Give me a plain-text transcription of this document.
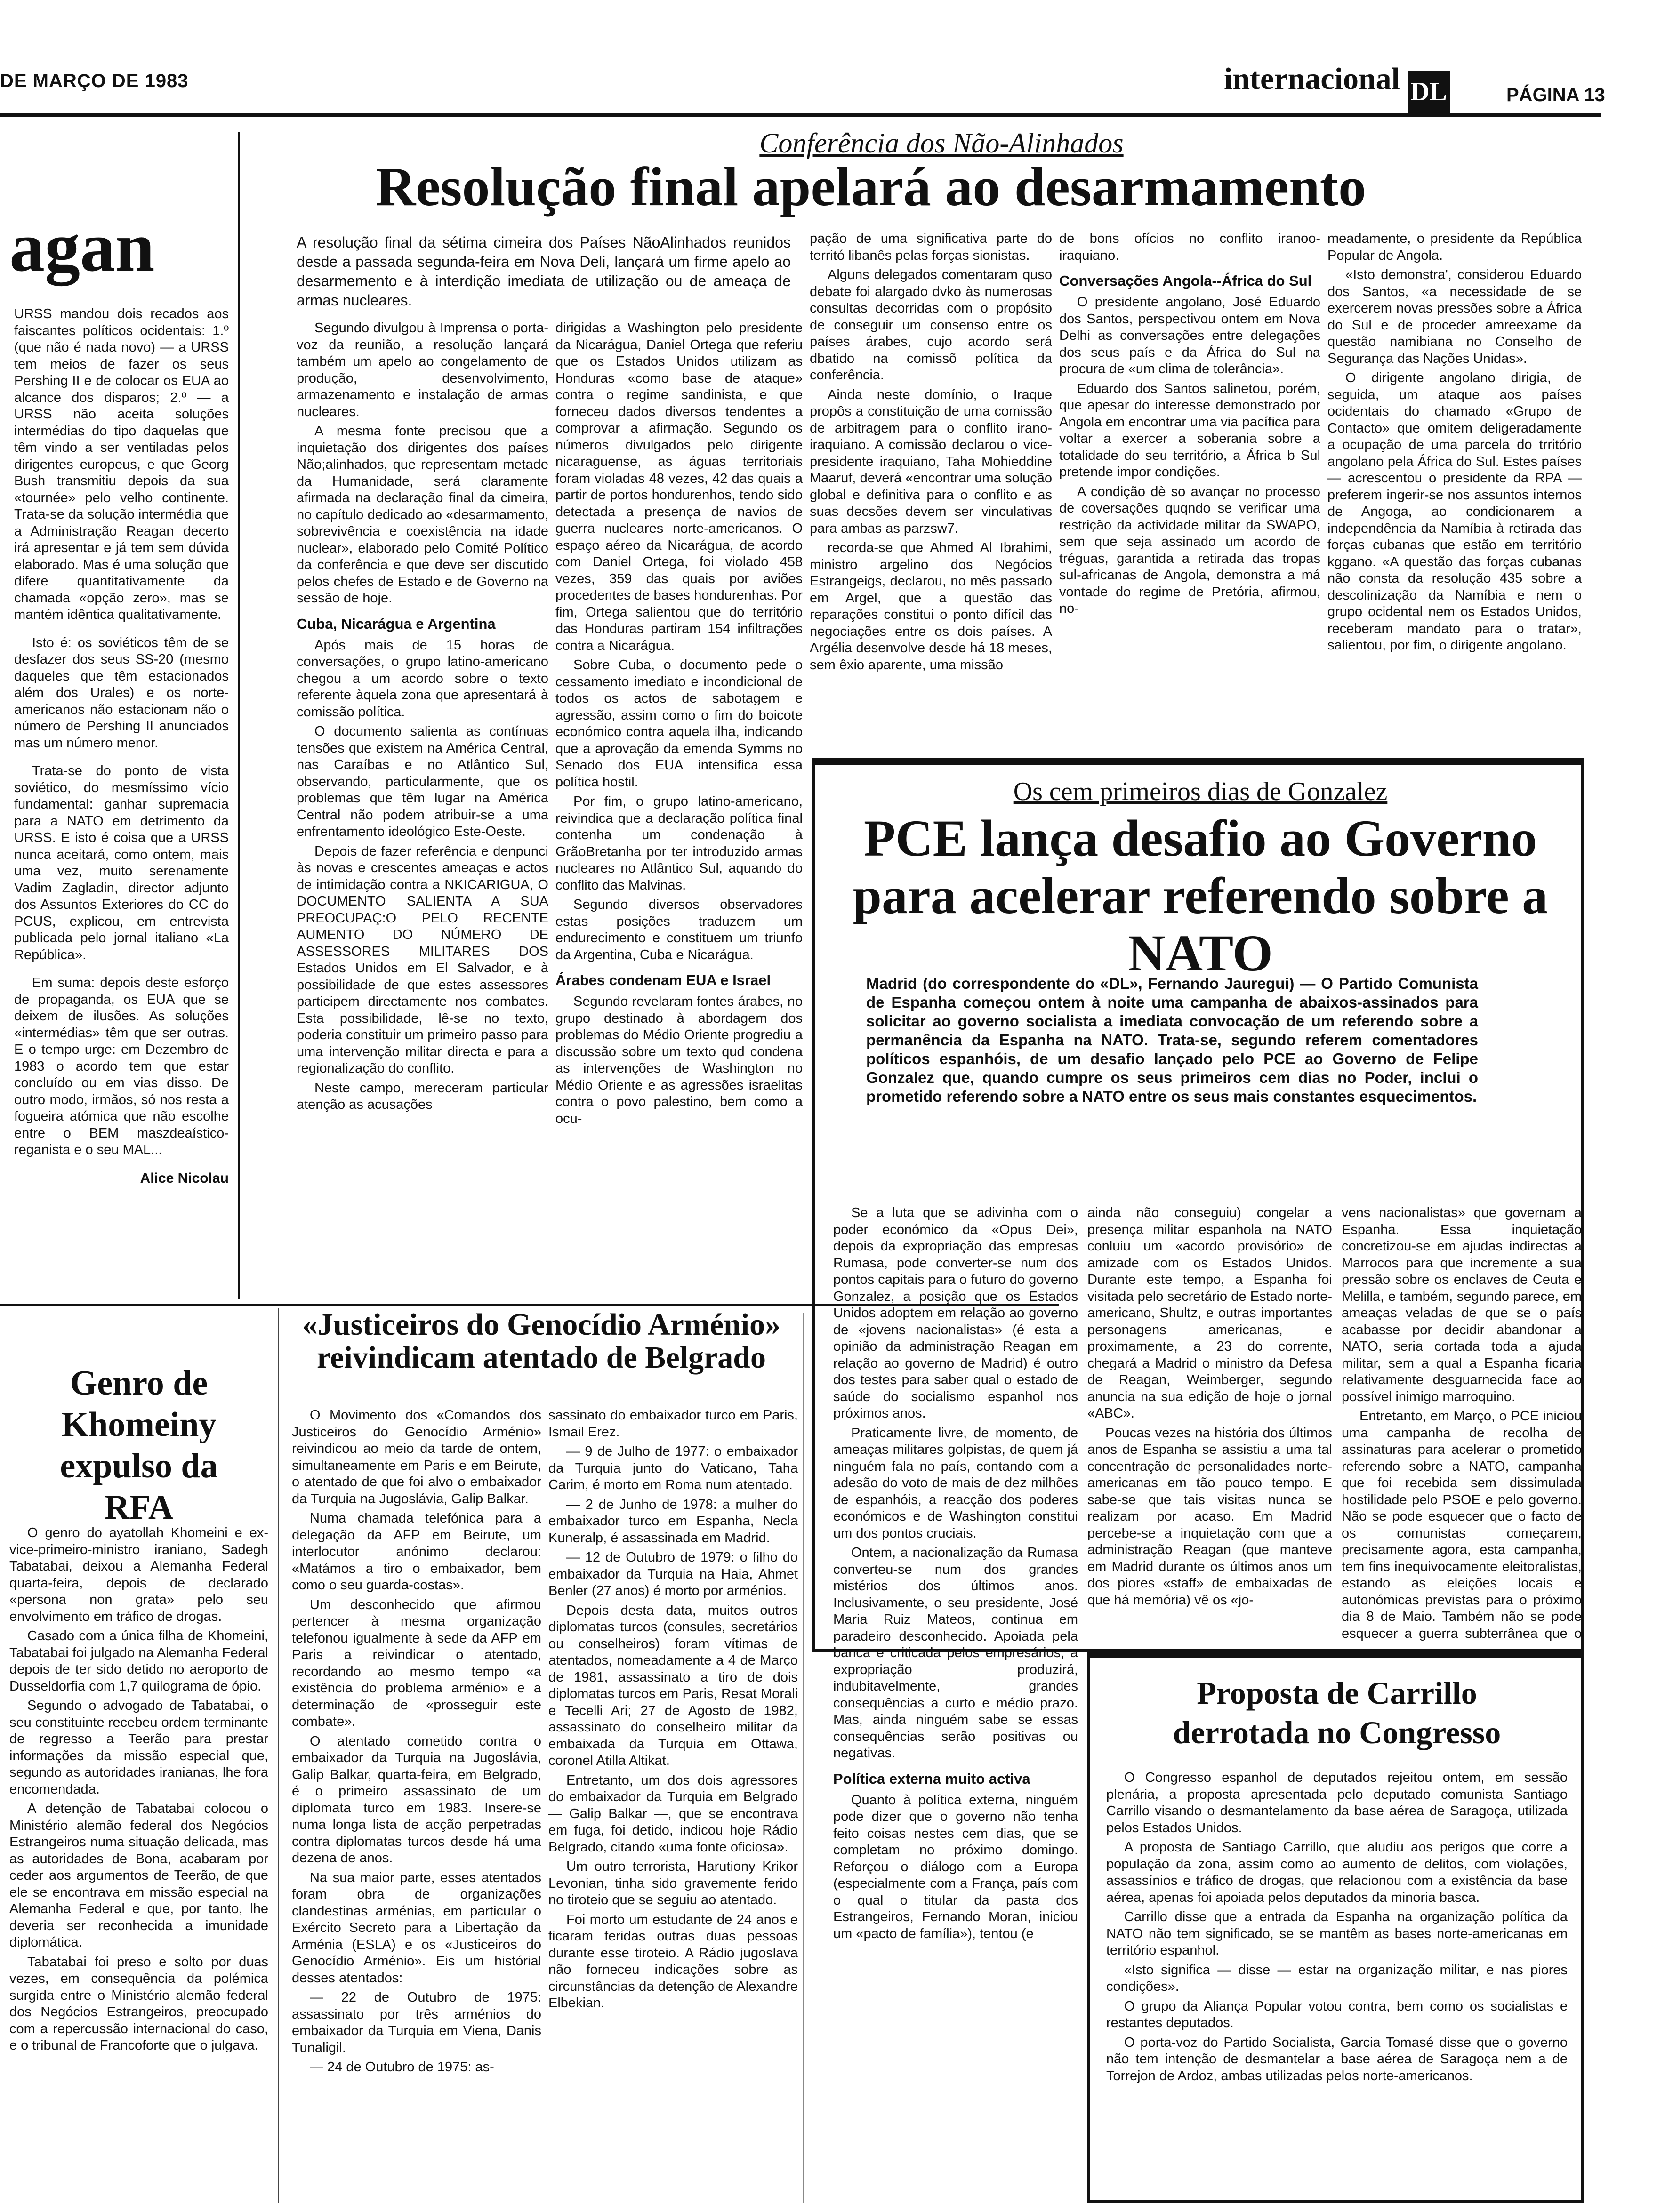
DE MARÇO DE 1983	internacional DL	PÁGINA 13
agan

URSS mandou dois recados aos faiscantes políticos ocidentais: 1.º (que não é nada novo) — a URSS tem meios de fazer os seus Pershing II e de colocar os EUA ao alcance dos disparos; 2.º — a URSS não aceita soluções intermédias do tipo daquelas que têm vindo a ser ventiladas pelos dirigentes europeus, e que Georg Bush transmitiu depois da sua «tournée» pelo velho continente. Trata-se da solução intermédia que a Administração Reagan decerto irá apresentar e já tem sem dúvida elaborado. Mas é uma solução que difere quantitativamente da chamada «opção zero», mas se mantém idêntica qualitativamente.

Isto é: os soviéticos têm de se desfazer dos seus SS-20 (mesmo daqueles que têm estacionados além dos Urales) e os norte-americanos não estacionam não o número de Pershing II anunciados mas um número menor.

Trata-se do ponto de vista soviético, do mesmíssimo vício fundamental: ganhar supremacia para a NATO em detrimento da URSS. E isto é coisa que a URSS nunca aceitará, como ontem, mais uma vez, muito serenamente Vadim Zagladin, director adjunto dos Assuntos Exteriores do CC do PCUS, explicou, em entrevista publicada pelo jornal italiano «La República».

Em suma: depois deste esforço de propaganda, os EUA que se deixem de ilusões. As soluções «intermédias» têm que ser outras. E o tempo urge: em Dezembro de 1983 o acordo tem que estar concluído ou em vias disso. De outro modo, irmãos, só nos resta a fogueira atómica que não escolhe entre o BEM maszdeaístico-reganista e o seu MAL...

Alice Nicolau
Conferência dos Não-Alinhados
Resolução final apelará ao desarmamento
A resolução final da sétima cimeira dos Países NãoAlinhados reunidos desde a passada segunda-feira em Nova Deli, lançará um firme apelo ao desarmemento e à interdição imediata de utilização ou de ameaça de armas nucleares.

Segundo divulgou à Imprensa o porta-voz da reunião, a resolução lançará também um apelo ao congelamento de produção, desenvolvimento, armazenamento e instalação de armas nucleares.

A mesma fonte precisou que a inquietação dos dirigentes dos países Não;alinhados, que representam metade da Humanidade, será claramente afirmada na declaração final da cimeira, no capítulo dedicado ao «desarmamento, sobrevivência e coexistência na idade nuclear», elaborado pelo Comité Político da conferência e que deve ser discutido pelos chefes de Estado e de Governo na sessão de hoje.

Cuba, Nicarágua e Argentina

Após mais de 15 horas de conversações, o grupo latino-americano chegou a um acordo sobre o texto referente àquela zona que apresentará à comissão política.

O documento salienta as contínuas tensões que existem na América Central, nas Caraíbas e no Atlântico Sul, observando, particularmente, que os problemas que têm lugar na América Central não podem atribuir-se a uma enfrentamento ideológico Este-Oeste.

Depois de fazer referência e denpunci às novas e crescentes ameaças e actos de intimidação contra a NKICARIGUA, O DOCUMENTO SALIENTA A SUA PREOCUPAÇ:O PELO RECENTE AUMENTO DO NÚMERO DE ASSESSORES MILITARES DOS Estados Unidos em El Salvador, e à possibilidade de que estes assessores participem directamente nos combates. Esta possibilidade, lê-se no texto, poderia constituir um primeiro passo para uma intervenção militar directa e para a regionalização do conflito.

Neste campo, mereceram particular atenção as acusações

dirigidas a Washington pelo presidente da Nicarágua, Daniel Ortega que referiu que os Estados Unidos utilizam as Honduras «como base de ataque» contra o regime sandinista, e que forneceu dados diversos tendentes a comprovar a afirmação. Segundo os números divulgados pelo dirigente nicaraguense, as águas territoriais foram violadas 48 vezes, 42 das quais a partir de portos hondurenhos, tendo sido detectada a presença de navios de guerra nucleares norte-americanos. O espaço aéreo da Nicarágua, de acordo com Daniel Ortega, foi violado 458 vezes, 359 das quais por aviões procedentes de bases hondurenhas. Por fim, Ortega salientou que do território das Honduras partiram 154 infiltrações contra a Nicarágua.

Sobre Cuba, o documento pede o cessamento imediato e incondicional de todos os actos de sabotagem e agressão, assim como o fim do boicote económico contra aquela ilha, indicando que a aprovação da emenda Symms no Senado dos EUA intensifica essa política hostil.

Por fim, o grupo latino-americano, reivindica que a declaração política final contenha um condenação à GrãoBretanha por ter introduzido armas nucleares no Atlântico Sul, aquando do conflito das Malvinas.

Segundo diversos observadores estas posições traduzem um endurecimento e constituem um triunfo da Argentina, Cuba e Nicarágua.

Árabes condenam EUA e Israel

Segundo revelaram fontes árabes, no grupo destinado à abordagem dos problemas do Médio Oriente progrediu a discussão sobre um texto qud condena as intervenções de Washington no Médio Oriente e as agressões israelitas contra o povo palestino, bem como a ocu-

pação de uma significativa parte do territó libanês pelas forças sionistas.

Alguns delegados comentaram quso debate foi alargado dvko às numerosas consultas decorridas com o propósito de conseguir um consenso entre os países árabes, cujo acordo será dbatido na comissõ política da conferência.

Ainda neste domínio, o Iraque propôs a constituição de uma comissão de arbitragem para o conflito irano-iraquiano. A comissão declarou o vice-presidente iraquiano, Taha Mohieddine Maaruf, deverá «encontrar uma solução global e definitiva para o conflito e as suas decsões devem ser vinculativas para ambas as parzsw7.

recorda-se que Ahmed Al Ibrahimi, ministro argelino dos Negócios Estrangeigs, declarou, no mês passado em Argel, que a questão das reparações constitui o ponto difícil das negociações entre os dois países. A Argélia desenvolve desde há 18 meses, sem êxio aparente, uma missão

de bons ofícios no conflito iranoo-iraquiano.

Conversações Angola--África do Sul

O presidente angolano, José Eduardo dos Santos, perspectivou ontem em Nova Delhi as conversações entre delegações dos seus país e da África do Sul na procura de «um clima de tolerância».

Eduardo dos Santos salinetou, porém, que apesar do interesse demonstrado por Angola em encontrar uma via pacífica para voltar a exercer a soberania sobre a totalidade do seu território, a África b Sul pretende impor condições.

A condição dè so avançar no processo de coversações quqndo se verificar uma restrição da actividade militar da SWAPO, sem que seja assinado um acordo de tréguas, garantida a retirada das tropas sul-africanas de Angola, demonstra a má vontade do regime de Pretória, afirmou, no-

meadamente, o presidente da República Popular de Angola.

«Isto demonstra', considerou Eduardo dos Santos, «a necessidade de se exercerem novas pressões sobre a África do Sul e de proceder amreexame da questão namibiana no Conselho de Segurança das Nações Unidas».

O dirigente angolano dirigia, de seguida, um ataque aos países ocidentais do chamado «Grupo de Contacto» que omitem deligeradamente a ocupação de uma parcela do trritório angolano pela África do Sul. Estes países — acrescentou o presidente da RPA — preferem ingerir-se nos assuntos internos de Angoga, ao condicionarem a independência da Namíbia à retirada das forças cubanas que estão em território kggano. «A questão das forças cubanas não consta da resolução 435 sobre a descolinização da Namíbia e nem o grupo ocidental nem os Estados Unidos, receberam mandato para o tratar», salientou, por fim, o dirigente angolano.

Genro de Khomeiny expulso da RFA

O genro do ayatollah Khomeini e ex-vice-primeiro-ministro iraniano, Sadegh Tabatabai, deixou a Alemanha Federal quarta-feira, depois de declarado «persona non grata» pelo seu envolvimento em tráfico de drogas.

Casado com a única filha de Khomeini, Tabatabai foi julgado na Alemanha Federal depois de ter sido detido no aeroporto de Dusseldorfia com 1,7 quilograma de ópio.

Segundo o advogado de Tabatabai, o seu constituinte recebeu ordem terminante de regresso a Teerão para prestar informações da missão especial que, segundo as autoridades iranianas, lhe fora encomendada.

A detenção de Tabatabai colocou o Ministério alemão federal dos Negócios Estrangeiros numa situação delicada, mas as autoridades de Bona, acabaram por ceder aos argumentos de Teerão, de que ele se encontrava em missão especial na Alemanha Federal e que, por tanto, lhe deveria ser reconhecida a imunidade diplomática.

Tabatabai foi preso e solto por duas vezes, em consequência da polémica surgida entre o Ministério alemão federal dos Negócios Estrangeiros, preocupado com a repercussão internacional do caso, e o tribunal de Francoforte que o julgava.

«Justiceiros do Genocídio Arménio» reivindicam atentado de Belgrado

O Movimento dos «Comandos dos Justiceiros do Genocídio Arménio» reivindicou ao meio da tarde de ontem, simultaneamente em Paris e em Beirute, o atentado de que foi alvo o embaixador da Turquia na Jugoslávia, Galip Balkar.

Numa chamada telefónica para a delegação da AFP em Beirute, um interlocutor anónimo declarou: «Matámos a tiro o embaixador, bem como o seu guarda-costas».

Um desconhecido que afirmou pertencer à mesma organização telefonou igualmente à sede da AFP em Paris a reivindicar o atentado, recordando ao mesmo tempo «a existência do problema arménio» e a determinação de «prosseguir este combate».

O atentado cometido contra o embaixador da Turquia na Jugoslávia, Galip Balkar, quarta-feira, em Belgrado, é o primeiro assassinato de um diplomata turco em 1983. Insere-se numa longa lista de acção perpetradas contra diplomatas turcos desde há uma dezena de anos.

Na sua maior parte, esses atentados foram obra de organizações clandestinas arménias, em particular o Exército Secreto para a Libertação da Arménia (ESLA) e os «Justiceiros do Genocídio Arménio». Eis um histórial desses atentados:

— 22 de Outubro de 1975: assassinato por três arménios do embaixador da Turquia em Viena, Danis Tunaligil.

— 24 de Outubro de 1975: as-

sassinato do embaixador turco em Paris, Ismail Erez.

— 9 de Julho de 1977: o embaixador da Turquia junto do Vaticano, Taha Carim, é morto em Roma num atentado.

— 2 de Junho de 1978: a mulher do embaixador turco em Espanha, Necla Kuneralp, é assassinada em Madrid.

— 12 de Outubro de 1979: o filho do embaixador da Turquia na Haia, Ahmet Benler (27 anos) é morto por arménios.

Depois desta data, muitos outros diplomatas turcos (consules, secretários ou conselheiros) foram vítimas de atentados, nomeadamente a 4 de Março de 1981, assassinato a tiro de dois diplomatas turcos em Paris, Resat Morali e Tecelli Ari; 27 de Agosto de 1982, assassinato do conselheiro militar da embaixada da Turquia em Ottawa, coronel Atilla Altikat.

Entretanto, um dos dois agressores do embaixador da Turquia em Belgrado — Galip Balkar —, que se encontrava em fuga, foi detido, indicou hoje Rádio Belgrado, citando «uma fonte oficiosa».

Um outro terrorista, Harutiony Krikor Levonian, tinha sido gravemente ferido no tiroteio que se seguiu ao atentado.

Foi morto um estudante de 24 anos e ficaram feridas outras duas pessoas durante esse tiroteio. A Rádio jugoslava não forneceu indicações sobre as circunstâncias da detenção de Alexandre Elbekian.

Os cem primeiros dias de Gonzalez
PCE lança desafio ao Governo para acelerar referendo sobre a NATO
Madrid (do correspondente do «DL», Fernando Jauregui) — O Partido Comunista de Espanha começou ontem à noite uma campanha de abaixos-assinados para solicitar ao governo socialista a imediata convocação de um referendo sobre a permanência da Espanha na NATO. Trata-se, segundo referem comentadores políticos espanhóis, de um desafio lançado pelo PCE ao Governo de Felipe Gonzalez que, quando cumpre os seus primeiros cem dias no Poder, inclui o prometido referendo sobre a NATO entre os seus mais constantes esquecimentos.

Se a luta que se adivinha com o poder económico da «Opus Dei», depois da expropriação das empresas Rumasa, pode converter-se num dos pontos capitais para o futuro do governo Gonzalez, a posição que os Estados Unidos adoptem em relação ao governo de «jovens nacionalistas» (é esta a opinião da administração Reagan em relação ao governo de Madrid) é outro dos testes para saber qual o estado de saúde do socialismo espanhol nos próximos anos.

Praticamente livre, de momento, de ameaças militares golpistas, de quem já ninguém fala no país, contando com a adesão do voto de mais de dez milhões de espanhóis, a reacção dos poderes económicos e de Washington constitui um dos pontos cruciais.

Ontem, a nacionalização da Rumasa converteu-se num dos grandes mistérios dos últimos anos. Inclusivamente, o seu presidente, José Maria Ruiz Mateos, continua em paradeiro desconhecido. Apoiada pela banca e criticada pelos empresários, a expropriação produzirá, indubitavelmente, grandes consequências a curto e médio prazo. Mas, ainda ninguém sabe se essas consequências serão positivas ou negativas.

Política externa muito activa

Quanto à política externa, ninguém pode dizer que o governo não tenha feito coisas nestes cem dias, que se completam no próximo domingo. Reforçou o diálogo com a Europa (especialmente com a França, país com o qual o titular da pasta dos Estrangeiros, Fernando Moran, iniciou um «pacto de família»), tentou (e

ainda não conseguiu) congelar a presença militar espanhola na NATO conluiu um «acordo provisório» de amizade com os Estados Unidos. Durante este tempo, a Espanha foi visitada pelo secretário de Estado norte-americano, Shultz, e outras importantes personagens americanas, e proximamente, a 23 do corrente, chegará a Madrid o ministro da Defesa de Reagan, Weimberger, segundo anuncia na sua edição de hoje o jornal «ABC».

Poucas vezes na história dos últimos anos de Espanha se assistiu a uma tal concentração de personalidades norte-americanas em tão pouco tempo. E sabe-se que tais visitas nunca se realizam por acaso. Em Madrid percebe-se a inquietação com que a administração Reagan (que manteve em Madrid durante os últimos anos um dos piores «staff» de embaixadas de que há memória) vê os «jo-

vens nacionalistas» que governam a Espanha. Essa inquietação concretizou-se em ajudas indirectas a Marrocos para que incremente a sua pressão sobre os enclaves de Ceuta e Melilla, e também, segundo parece, em ameaças veladas de que se o país acabasse por decidir abandonar a NATO, seria cortada toda a ajuda militar, sem a qual a Espanha ficaria relativamente desguarnecida face ao possível inimigo marroquino.

Entretanto, em Março, o PCE iniciou uma campanha de recolha de assinaturas para acelerar o prometido referendo sobre a NATO, campanha que foi recebida sem dissimulada hostilidade pelo PSOE e pelo governo. Não se pode esquecer que o facto de os comunistas começarem, precisamente agora, esta campanha, tem fins inequivocamente eleitoralistas, estando as eleições locais e autonómicas previstas para o próximo dia 8 de Maio. Também não se pode esquecer a guerra subterrânea que o

Proposta de Carrillo derrotada no Congresso

O Congresso espanhol de deputados rejeitou ontem, em sessão plenária, a proposta apresentada pelo deputado comunista Santiago Carrillo visando o desmantelamento da base aérea de Saragoça, utilizada pelos Estados Unidos.

A proposta de Santiago Carrillo, que aludiu aos perigos que corre a população da zona, assim como ao aumento de delitos, com violações, assassínios e tráfico de drogas, que relacionou com a existência da base aérea, apenas foi apoiada pelos deputados da minoria basca.

Carrillo disse que a entrada da Espanha na organização política da NATO não tem significado, se se mantêm as bases norte-americanas em território espanhol.

«Isto significa — disse — estar na organização militar, e nas piores condições».

O grupo da Aliança Popular votou contra, bem como os socialistas e restantes deputados.

O porta-voz do Partido Socialista, Garcia Tomasé disse que o governo não tem intenção de desmantelar a base aérea de Saragoça nem a de Torrejon de Ardoz, ambas utilizadas pelos norte-americanos.
